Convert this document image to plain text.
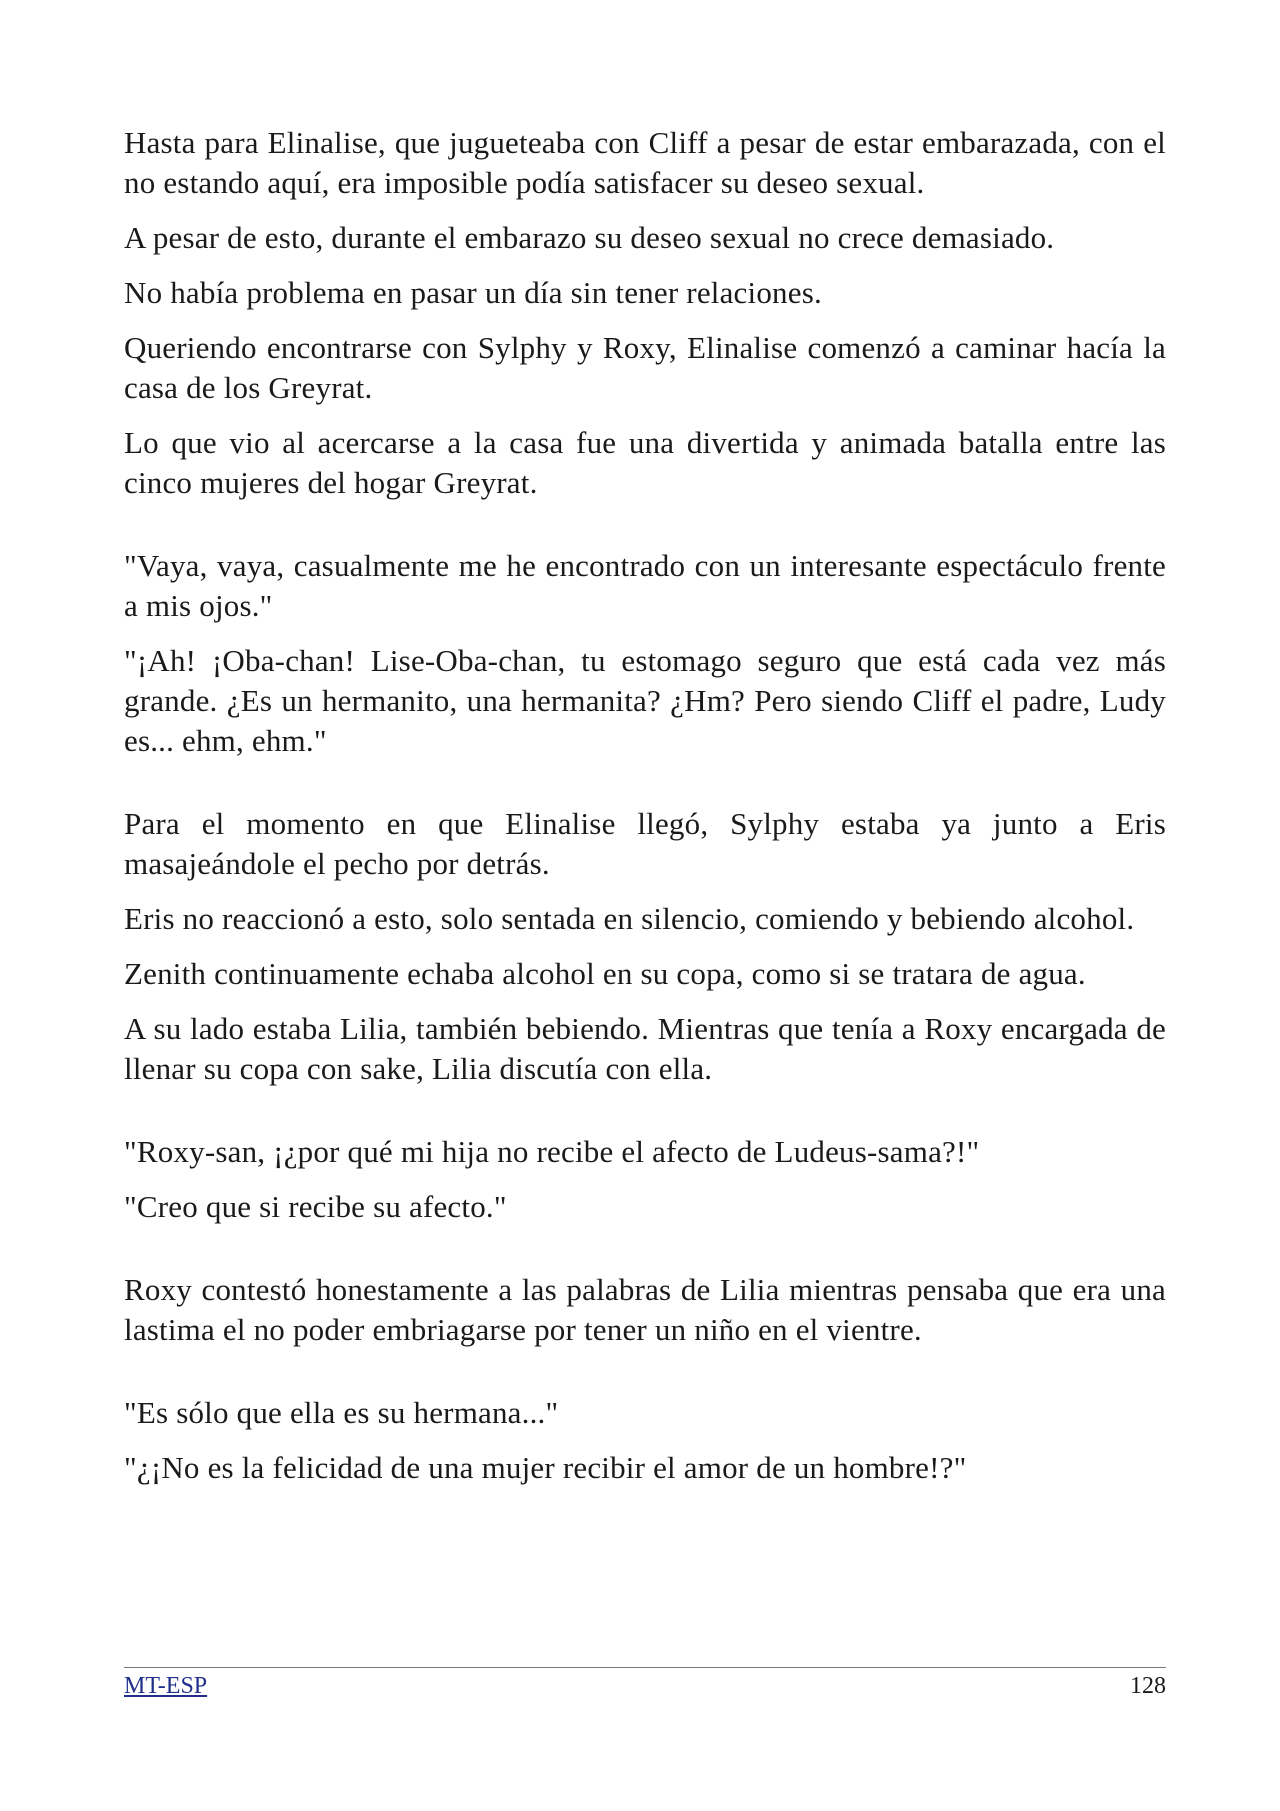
Hasta para Elinalise, que jugueteaba con Cliff a pesar de estar embarazada, con el no estando aquí, era imposible podía satisfacer su deseo sexual.

A pesar de esto, durante el embarazo su deseo sexual no crece demasiado.

No había problema en pasar un día sin tener relaciones.

Queriendo encontrarse con Sylphy y Roxy, Elinalise comenzó a caminar hacía la casa de los Greyrat.

Lo que vio al acercarse a la casa fue una divertida y animada batalla entre las cinco mujeres del hogar Greyrat.

"Vaya, vaya, casualmente me he encontrado con un interesante espectáculo frente a mis ojos."

"¡Ah! ¡Oba-chan! Lise-Oba-chan, tu estomago seguro que está cada vez más grande. ¿Es un hermanito, una hermanita? ¿Hm? Pero siendo Cliff el padre, Ludy es... ehm, ehm."

Para el momento en que Elinalise llegó, Sylphy estaba ya junto a Eris masajeándole el pecho por detrás.

Eris no reaccionó a esto, solo sentada en silencio, comiendo y bebiendo alcohol.

Zenith continuamente echaba alcohol en su copa, como si se tratara de agua.

A su lado estaba Lilia, también bebiendo. Mientras que tenía a Roxy encargada de llenar su copa con sake, Lilia discutía con ella.

"Roxy-san, ¡¿por qué mi hija no recibe el afecto de Ludeus-sama?!"

"Creo que si recibe su afecto."

Roxy contestó honestamente a las palabras de Lilia mientras pensaba que era una lastima el no poder embriagarse por tener un niño en el vientre.

"Es sólo que ella es su hermana..."

"¿¡No es la felicidad de una mujer recibir el amor de un hombre!?"

MT-ESP	128
